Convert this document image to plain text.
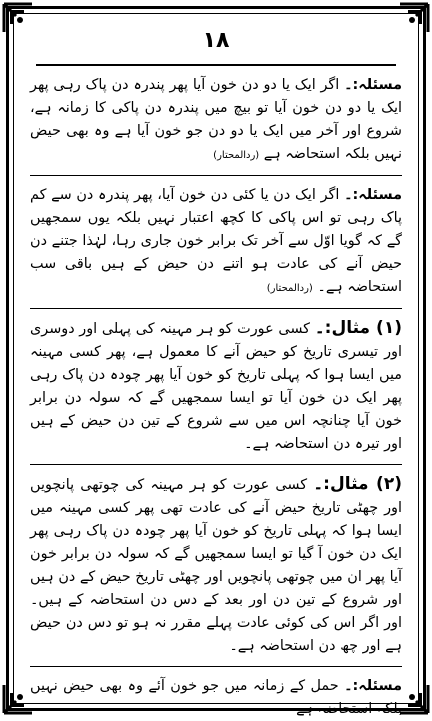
۱۸

مسئلہ:۔ اگر ایک یا دو دن خون آیا پھر پندرہ دن پاک رہی پھر ایک یا دو دن خون آیا تو بیچ میں پندرہ دن پاکی کا زمانہ ہے، شروع اور آخر میں ایک یا دو دن جو خون آیا ہے وہ بھی حیض نہیں بلکہ استحاضہ ہے (ردالمحتار)

مسئلہ:۔ اگر ایک دن یا کئی دن خون آیا، پھر پندرہ دن سے کم پاک رہی تو اس پاکی کا کچھ اعتبار نہیں بلکہ یوں سمجھیں گے کہ گویا اوّل سے آخر تک برابر خون جاری رہا، لہٰذا جتنے دن حیض آنے کی عادت ہو اتنے دن حیض کے ہیں باقی سب استحاضہ ہے۔ (ردالمحتار)

(۱) مثال:۔ کسی عورت کو ہر مہینہ کی پہلی اور دوسری اور تیسری تاریخ کو حیض آنے کا معمول ہے، پھر کسی مہینہ میں ایسا ہوا کہ پہلی تاریخ کو خون آیا پھر چودہ دن پاک رہی پھر ایک دن خون آیا تو ایسا سمجھیں گے کہ سولہ دن برابر خون آیا چنانچہ اس میں سے شروع کے تین دن حیض کے ہیں اور تیرہ دن استحاضہ ہے۔

(۲) مثال:۔ کسی عورت کو ہر مہینہ کی چوتھی پانچویں اور چھٹی تاریخ حیض آنے کی عادت تھی پھر کسی مہینہ میں ایسا ہوا کہ پہلی تاریخ کو خون آیا پھر چودہ دن پاک رہی پھر ایک دن خون آ گیا تو ایسا سمجھیں گے کہ سولہ دن برابر خون آیا پھر ان میں چوتھی پانچویں اور چھٹی تاریخ حیض کے دن ہیں اور شروع کے تین دن اور بعد کے دس دن استحاضہ کے ہیں۔ اور اگر اس کی کوئی عادت پہلے مقرر نہ ہو تو دس دن حیض ہے اور چھ دن استحاضہ ہے۔

مسئلہ:۔ حمل کے زمانہ میں جو خون آئے وہ بھی حیض نہیں بلکہ استحاضہ ہے
